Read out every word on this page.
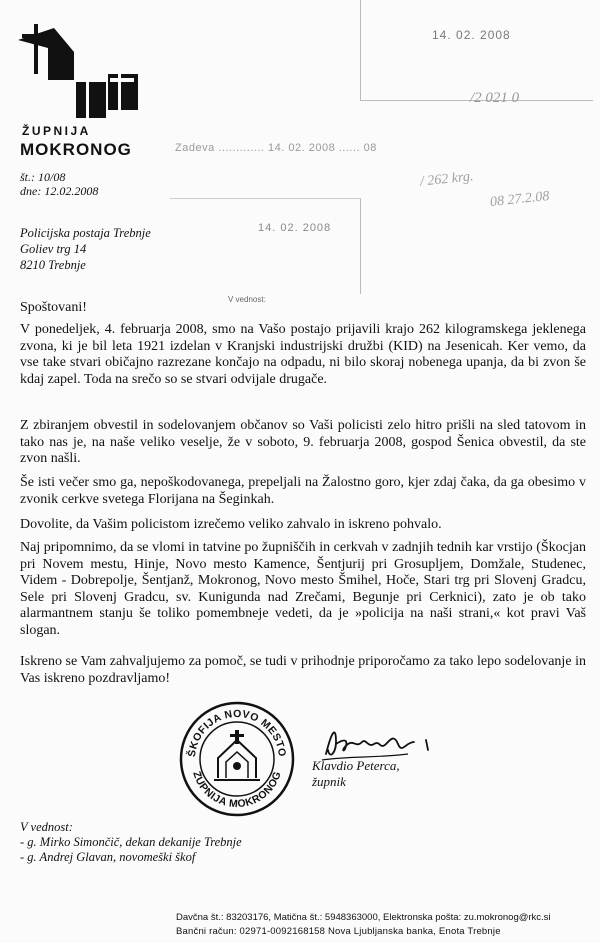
14. 02. 2008
/2 021 0
Zadeva ............. 14. 02. 2008 ...... 08
/ 262 krg.
08 27.2.08
14. 02. 2008
V vednost:
ŽUPNIJA
MOKRONOG
št.: 10/08
dne: 12.02.2008
Policijska postaja Trebnje
Goliev trg 14
8210 Trebnje

Spoštovani!

V ponedeljek, 4. februarja 2008, smo na Vašo postajo prijavili krajo 262 kilogramskega jeklenega zvona, ki je bil leta 1921 izdelan v Kranjski industrijski družbi (KID) na Jesenicah. Ker vemo, da vse take stvari običajno razrezane končajo na odpadu, ni bilo skoraj nobenega upanja, da bi zvon še kdaj zapel. Toda na srečo so se stvari odvijale drugače.

Z zbiranjem obvestil in sodelovanjem občanov so Vaši policisti zelo hitro prišli na sled tatovom in tako nas je, na naše veliko veselje, že v soboto, 9. februarja 2008, gospod Šenica obvestil, da ste zvon našli.

Še isti večer smo ga, nepoškodovanega, prepeljali na Žalostno goro, kjer zdaj čaka, da ga obesimo v zvonik cerkve svetega Florijana na Šeginkah.

Dovolite, da Vašim policistom izrečemo veliko zahvalo in iskreno pohvalo.

Naj pripomnimo, da se vlomi in tatvine po župniščih in cerkvah v zadnjih tednih kar vrstijo (Škocjan pri Novem mestu, Hinje, Novo mesto Kamence, Šentjurij pri Grosupljem, Domžale, Studenec, Videm - Dobrepolje, Šentjanž, Mokronog, Novo mesto Šmihel, Hoče, Stari trg pri Slovenj Gradcu, Sele pri Slovenj Gradcu, sv. Kunigunda nad Zrečami, Begunje pri Cerknici), zato je ob tako alarmantnem stanju še toliko pomembneje vedeti, da je »policija na naši strani,« kot pravi Vaš slogan.

Iskreno se Vam zahvaljujemo za pomoč, se tudi v prihodnje priporočamo za tako lepo sodelovanje in Vas iskreno pozdravljamo!

ŠKOFIJA NOVO MESTO
ŽUPNIJA MOKRONOG
Klavdio Peterca,
župnik
V vednost:
- g. Mirko Simončič, dekan dekanije Trebnje
- g. Andrej Glavan, novomeški škof
Davčna št.: 83203176, Matična št.: 5948363000, Elektronska pošta: zu.mokronog@rkc.si
Bančni račun: 02971-0092168158 Nova Ljubljanska banka, Enota Trebnje
